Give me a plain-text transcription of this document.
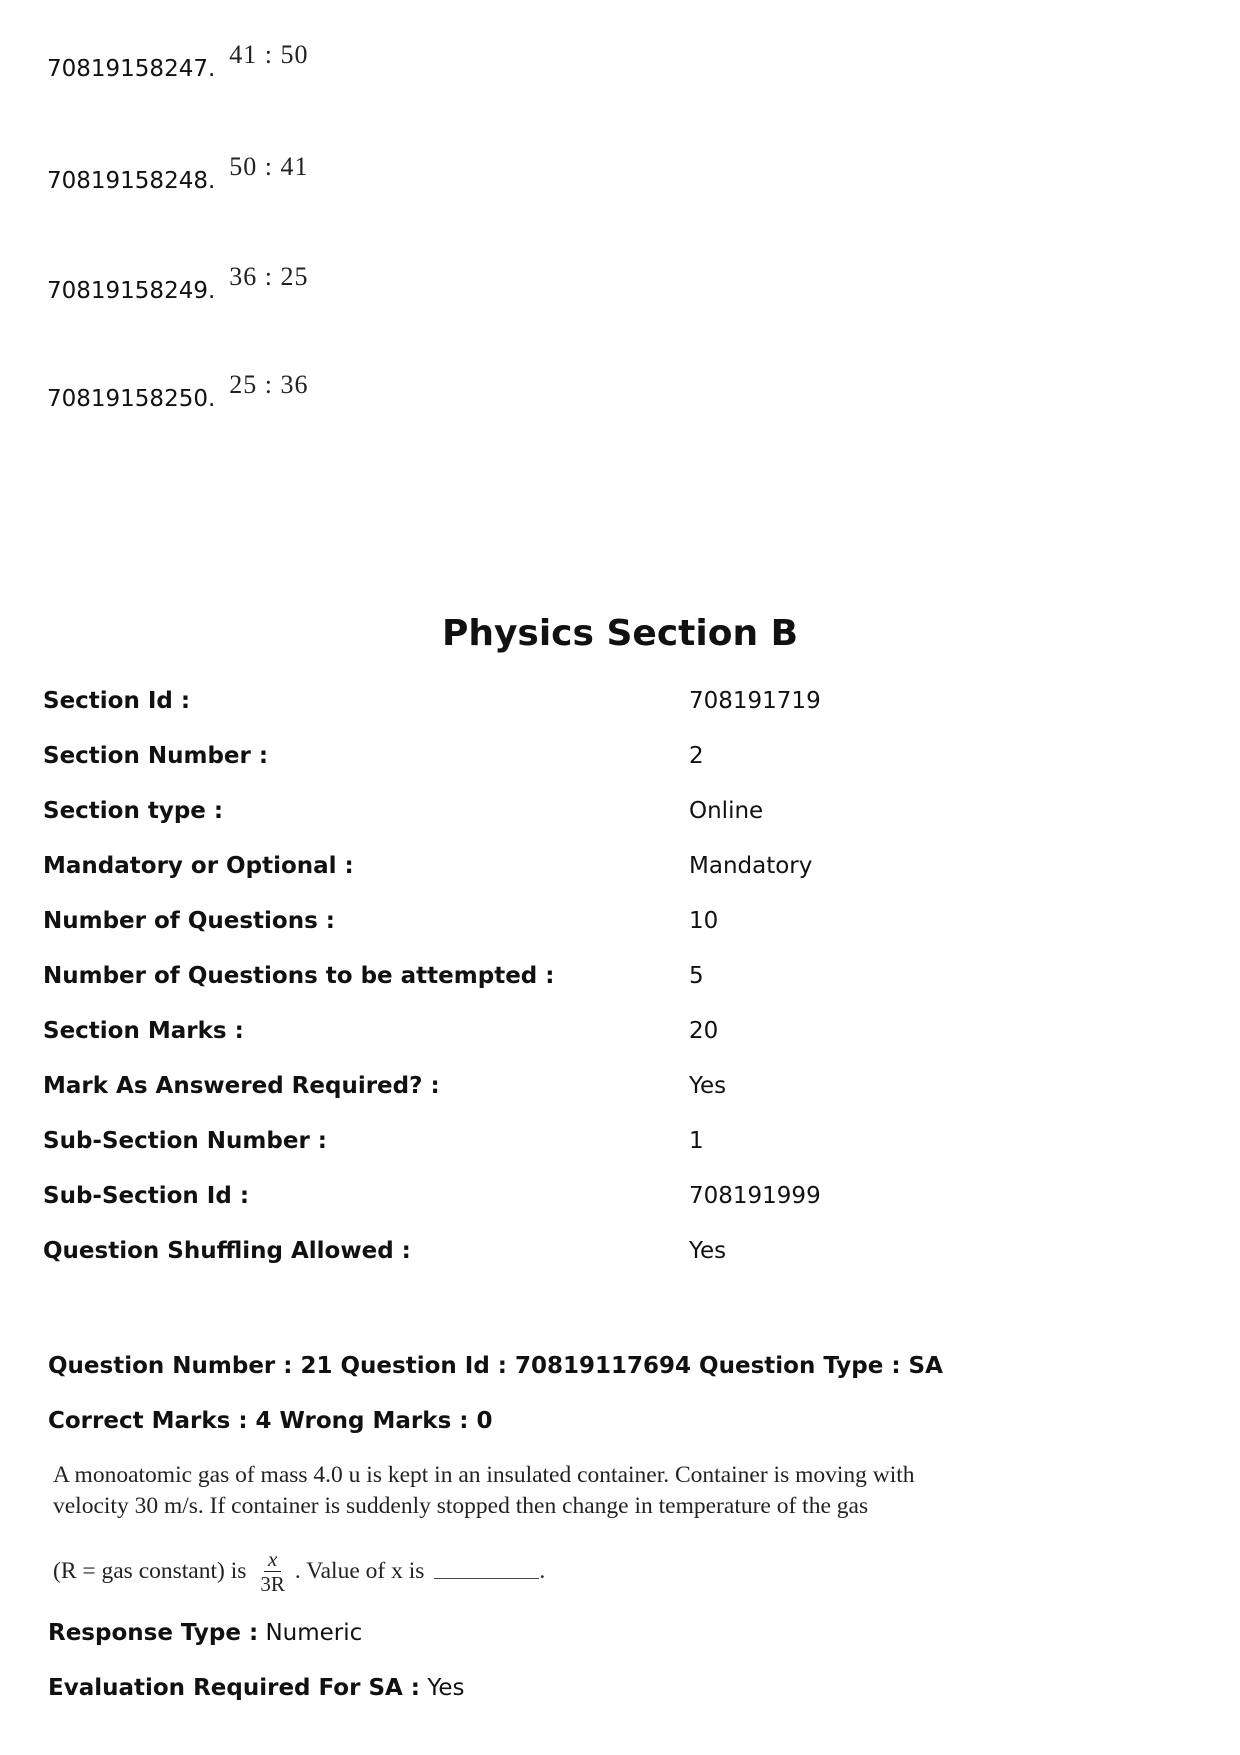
70819158247. 41 : 50
70819158248. 50 : 41
70819158249. 36 : 25
70819158250. 25 : 36
Physics Section B
Section Id :	708191719
Section Number :	2
Section type :	Online
Mandatory or Optional :	Mandatory
Number of Questions :	10
Number of Questions to be attempted :	5
Section Marks :	20
Mark As Answered Required? :	Yes
Sub-Section Number :	1
Sub-Section Id :	708191999
Question Shuffling Allowed :	Yes
Question Number : 21 Question Id : 70819117694 Question Type : SA
Correct Marks : 4 Wrong Marks : 0
A monoatomic gas of mass 4.0 u is kept in an insulated container. Container is moving with
velocity 30 m/s. If container is suddenly stopped then change in temperature of the gas
(R = gas constant) is $\frac{x}{3R}$ . Value of x is	.
Response Type : Numeric
Evaluation Required For SA : Yes
